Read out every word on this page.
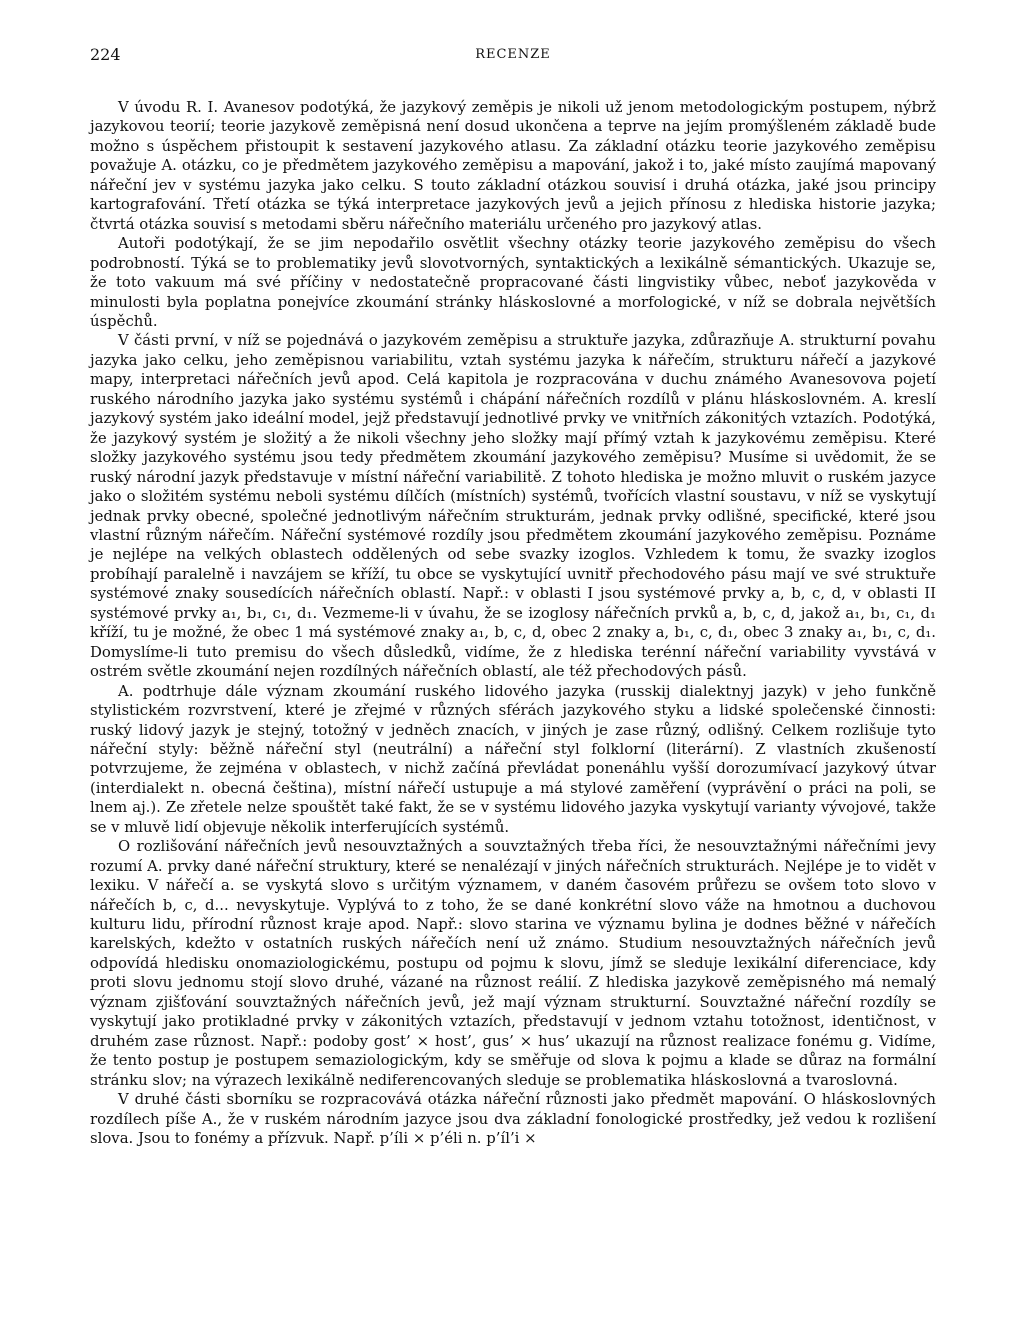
224	RECENZE

V úvodu R. I. Avanesov podotýká, že jazykový zeměpis je nikoli už jenom metodologickým postupem, nýbrž jazykovou teorií; teorie jazykově zeměpisná není dosud ukončena a teprve na jejím promýšleném základě bude možno s úspěchem přistoupit k sestavení jazykového atlasu. Za základní otázku teorie jazykového zeměpisu považuje A. otázku, co je předmětem jazykového zeměpisu a mapování, jakož i to, jaké místo zaujímá mapovaný nářeční jev v systému jazyka jako celku. S touto základní otázkou souvisí i druhá otázka, jaké jsou principy kartografování. Třetí otázka se týká interpretace jazykových jevů a jejich přínosu z hlediska historie jazyka; čtvrtá otázka souvisí s metodami sběru nářečního materiálu určeného pro jazykový atlas.

Autoři podotýkají, že se jim nepodařilo osvětlit všechny otázky teorie jazykového zeměpisu do všech podrobností. Týká se to problematiky jevů slovotvorných, syntaktických a lexikálně sémantických. Ukazuje se, že toto vakuum má své příčiny v nedostatečně propracované části lingvistiky vůbec, neboť jazykověda v minulosti byla poplatna ponejvíce zkoumání stránky hláskoslovné a morfologické, v níž se dobrala největších úspěchů.

V části první, v níž se pojednává o jazykovém zeměpisu a struktuře jazyka, zdůrazňuje A. strukturní povahu jazyka jako celku, jeho zeměpisnou variabilitu, vztah systému jazyka k nářečím, strukturu nářečí a jazykové mapy, interpretaci nářečních jevů apod. Celá kapitola je rozpracována v duchu známého Avanesovova pojetí ruského národního jazyka jako systému systémů i chápání nářečních rozdílů v plánu hláskoslovném. A. kreslí jazykový systém jako ideální model, jejž představují jednotlivé prvky ve vnitřních zákonitých vztazích. Podotýká, že jazykový systém je složitý a že nikoli všechny jeho složky mají přímý vztah k jazykovému zeměpisu. Které složky jazykového systému jsou tedy předmětem zkoumání jazykového zeměpisu? Musíme si uvědomit, že se ruský národní jazyk představuje v místní nářeční variabilitě. Z tohoto hlediska je možno mluvit o ruském jazyce jako o složitém systému neboli systému dílčích (místních) systémů, tvořících vlastní soustavu, v níž se vyskytují jednak prvky obecné, společné jednotlivým nářečním strukturám, jednak prvky odlišné, specifické, které jsou vlastní různým nářečím. Nářeční systémové rozdíly jsou předmětem zkoumání jazykového zeměpisu. Poznáme je nejlépe na velkých oblastech oddělených od sebe svazky izoglos. Vzhledem k tomu, že svazky izoglos probíhají paralelně i navzájem se kříží, tu obce se vyskytující uvnitř přechodového pásu mají ve své struktuře systémové znaky sousedících nářečních oblastí. Např.: v oblasti I jsou systémové prvky a, b, c, d, v oblasti II systémové prvky a₁, b₁, c₁, d₁. Vezmeme-li v úvahu, že se izoglosy nářečních prvků a, b, c, d, jakož a₁, b₁, c₁, d₁ kříží, tu je možné, že obec 1 má systémové znaky a₁, b, c, d, obec 2 znaky a, b₁, c, d₁, obec 3 znaky a₁, b₁, c, d₁. Domyslíme-li tuto premisu do všech důsledků, vidíme, že z hlediska terénní nářeční variability vyvstává v ostrém světle zkoumání nejen rozdílných nářečních oblastí, ale též přechodových pásů.

A. podtrhuje dále význam zkoumání ruského lidového jazyka (russkij dialektnyj jazyk) v jeho funkčně stylistickém rozvrstvení, které je zřejmé v různých sférách jazykového styku a lidské společenské činnosti: ruský lidový jazyk je stejný, totožný v jedněch znacích, v jiných je zase různý, odlišný. Celkem rozlišuje tyto nářeční styly: běžně nářeční styl (neutrální) a nářeční styl folklorní (literární). Z vlastních zkušeností potvrzujeme, že zejména v oblastech, v nichž začíná převládat ponenáhlu vyšší dorozumívací jazykový útvar (interdialekt n. obecná čeština), místní nářečí ustupuje a má stylové zaměření (vyprávění o práci na poli, se lnem aj.). Ze zřetele nelze spouštět také fakt, že se v systému lidového jazyka vyskytují varianty vývojové, takže se v mluvě lidí objevuje několik interferujících systémů.

O rozlišování nářečních jevů nesouvztažných a souvztažných třeba říci, že nesouvztažnými nářečními jevy rozumí A. prvky dané nářeční struktury, které se nenalézají v jiných nářečních strukturách. Nejlépe je to vidět v lexiku. V nářečí a. se vyskytá slovo s určitým významem, v daném časovém průřezu se ovšem toto slovo v nářečích b, c, d... nevyskytuje. Vyplývá to z toho, že se dané konkrétní slovo váže na hmotnou a duchovou kulturu lidu, přírodní různost kraje apod. Např.: slovo starina ve významu bylina je dodnes běžné v nářečích karelských, kdežto v ostatních ruských nářečích není už známo. Studium nesouvztažných nářečních jevů odpovídá hledisku onomaziologickému, postupu od pojmu k slovu, jímž se sleduje lexikální diferenciace, kdy proti slovu jednomu stojí slovo druhé, vázané na různost reálií. Z hlediska jazykově zeměpisného má nemalý význam zjišťování souvztažných nářečních jevů, jež mají význam strukturní. Souvztažné nářeční rozdíly se vyskytují jako protikladné prvky v zákonitých vztazích, představují v jednom vztahu totožnost, identičnost, v druhém zase různost. Např.: podoby gost’ × host’, gus’ × hus’ ukazují na různost realizace fonému g. Vidíme, že tento postup je postupem semaziologickým, kdy se směřuje od slova k pojmu a klade se důraz na formální stránku slov; na výrazech lexikálně nediferencovaných sleduje se problematika hláskoslovná a tvaroslovná.

V druhé části sborníku se rozpracovává otázka nářeční různosti jako předmět mapování. O hláskoslovných rozdílech píše A., že v ruském národním jazyce jsou dva základní fonologické prostředky, jež vedou k rozlišení slova. Jsou to fonémy a přízvuk. Např. p’íli × p’éli n. p’íl’i ×
